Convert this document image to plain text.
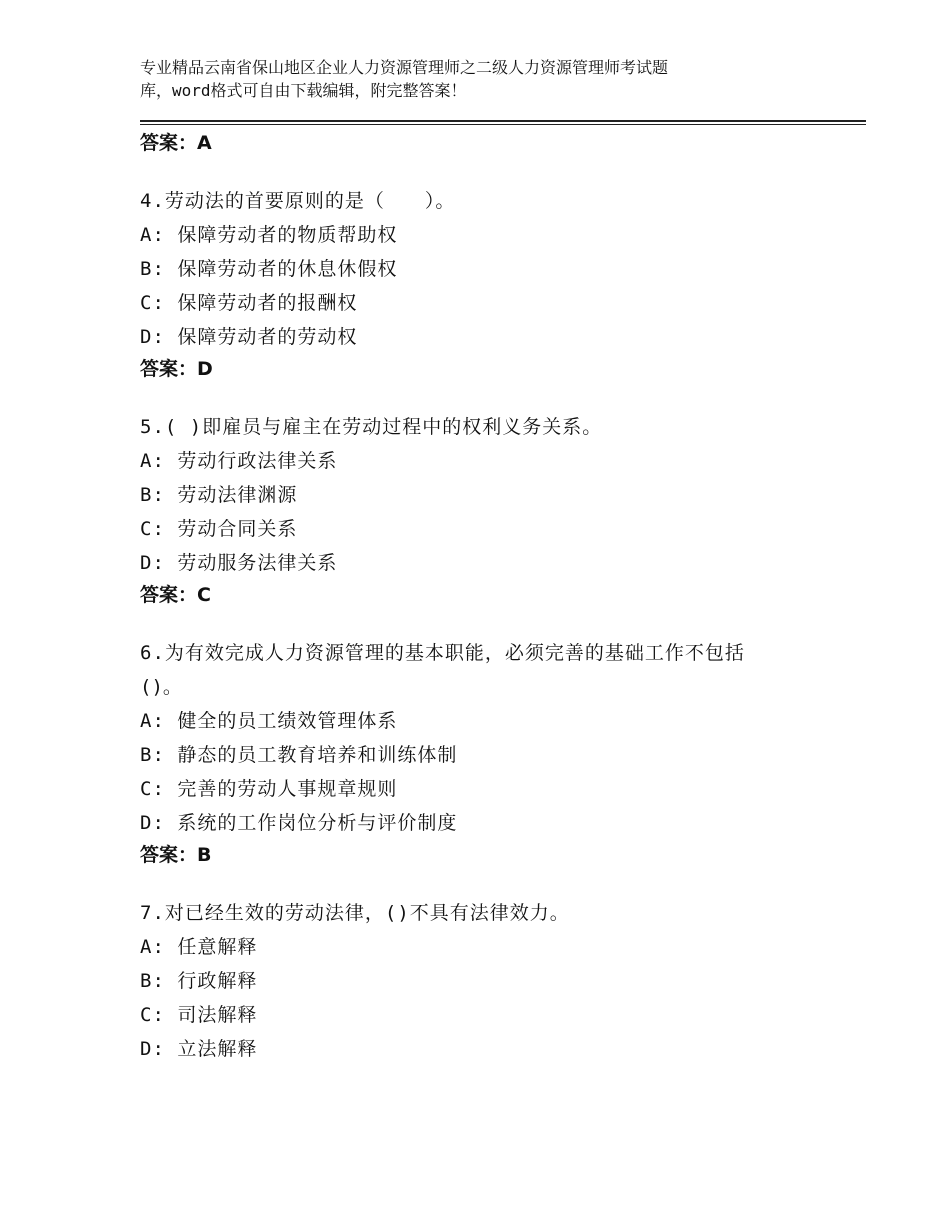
专业精品云南省保山地区企业人力资源管理师之二级人力资源管理师考试题
库，word格式可自由下载编辑，附完整答案！
答案：A
4.劳动法的首要原则的是（　　）。
A: 保障劳动者的物质帮助权
B: 保障劳动者的休息休假权
C: 保障劳动者的报酬权
D: 保障劳动者的劳动权
答案：D
5.( )即雇员与雇主在劳动过程中的权利义务关系。
A: 劳动行政法律关系
B: 劳动法律渊源
C: 劳动合同关系
D: 劳动服务法律关系
答案：C
6.为有效完成人力资源管理的基本职能，必须完善的基础工作不包括
()。
A: 健全的员工绩效管理体系
B: 静态的员工教育培养和训练体制
C: 完善的劳动人事规章规则
D: 系统的工作岗位分析与评价制度
答案：B
7.对已经生效的劳动法律，()不具有法律效力。
A: 任意解释
B: 行政解释
C: 司法解释
D: 立法解释
